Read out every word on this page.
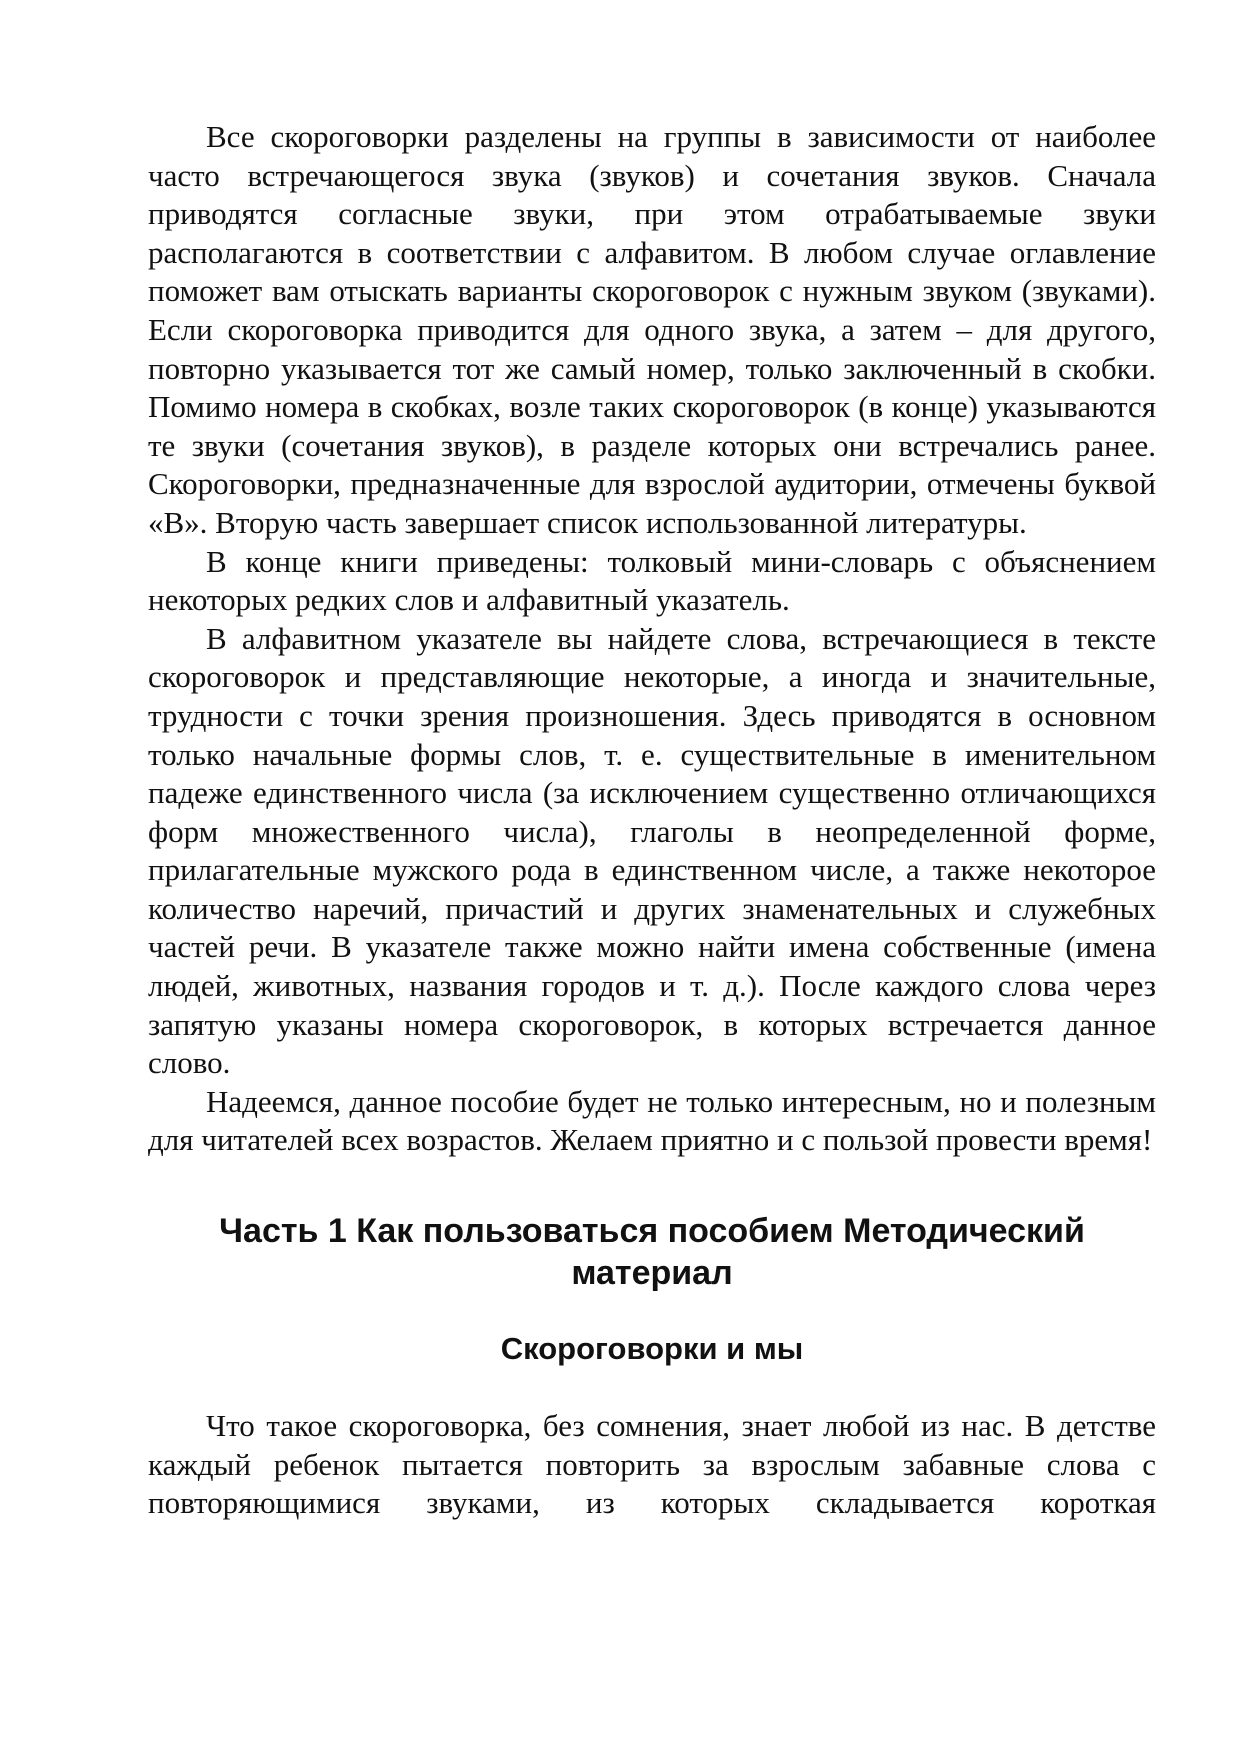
Все скороговорки разделены на группы в зависимости от наиболее часто встречающегося звука (звуков) и сочетания звуков. Сначала приводятся согласные звуки, при этом отрабатываемые звуки располагаются в соответствии с алфавитом. В любом случае оглавление поможет вам отыскать варианты скороговорок с нужным звуком (звуками). Если скороговорка приводится для одного звука, а затем – для другого, повторно указывается тот же самый номер, только заключенный в скобки. Помимо номера в скобках, возле таких скороговорок (в конце) указываются те звуки (сочетания звуков), в разделе которых они встречались ранее. Скороговорки, предназначенные для взрослой аудитории, отмечены буквой «В». Вторую часть завершает список использованной литературы.

В конце книги приведены: толковый мини-словарь с объяснением некоторых редких слов и алфавитный указатель.

В алфавитном указателе вы найдете слова, встречающиеся в тексте скороговорок и представляющие некоторые, а иногда и значительные, трудности с точки зрения произношения. Здесь приводятся в основном только начальные формы слов, т. е. существительные в именительном падеже единственного числа (за исключением существенно отличающихся форм множественного числа), глаголы в неопределенной форме, прилагательные мужского рода в единственном числе, а также некоторое количество наречий, причастий и других знаменательных и служебных частей речи. В указателе также можно найти имена собственные (имена людей, животных, названия городов и т. д.). После каждого слова через запятую указаны номера скороговорок, в которых встречается данное слово.

Надеемся, данное пособие будет не только интересным, но и полезным для читателей всех возрастов. Желаем приятно и с пользой провести время!

Часть 1 Как пользоваться пособием Методический материал
Скороговорки и мы

Что такое скороговорка, без сомнения, знает любой из нас. В детстве каждый ребенок пытается повторить за взрослым забавные слова с повторяющимися звуками, из которых складывается короткая
